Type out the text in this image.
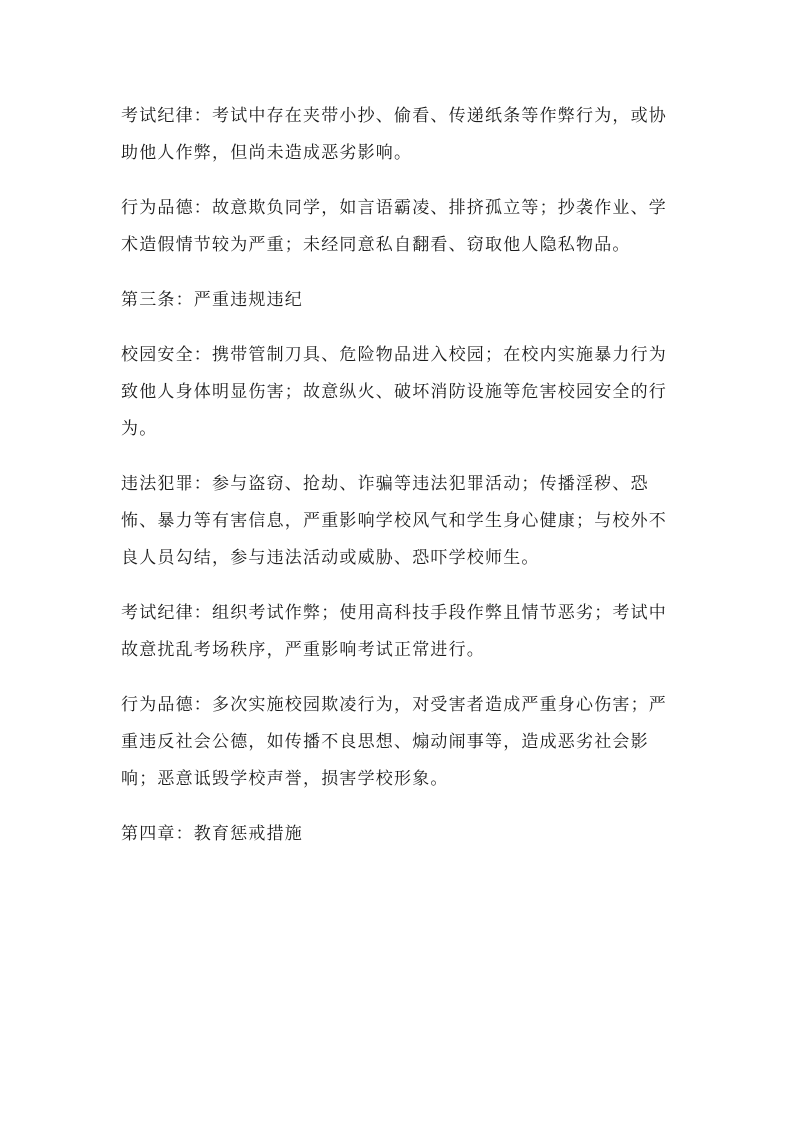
考试纪律：考试中存在夹带小抄、偷看、传递纸条等作弊行为，或协助他人作弊，但尚未造成恶劣影响。

行为品德：故意欺负同学，如言语霸凌、排挤孤立等；抄袭作业、学术造假情节较为严重；未经同意私自翻看、窃取他人隐私物品。

第三条：严重违规违纪

校园安全：携带管制刀具、危险物品进入校园；在校内实施暴力行为致他人身体明显伤害；故意纵火、破坏消防设施等危害校园安全的行为。

违法犯罪：参与盗窃、抢劫、诈骗等违法犯罪活动；传播淫秽、恐怖、暴力等有害信息，严重影响学校风气和学生身心健康；与校外不良人员勾结，参与违法活动或威胁、恐吓学校师生。

考试纪律：组织考试作弊；使用高科技手段作弊且情节恶劣；考试中故意扰乱考场秩序，严重影响考试正常进行。

行为品德：多次实施校园欺凌行为，对受害者造成严重身心伤害；严重违反社会公德，如传播不良思想、煽动闹事等，造成恶劣社会影响；恶意诋毁学校声誉，损害学校形象。

第四章：教育惩戒措施
